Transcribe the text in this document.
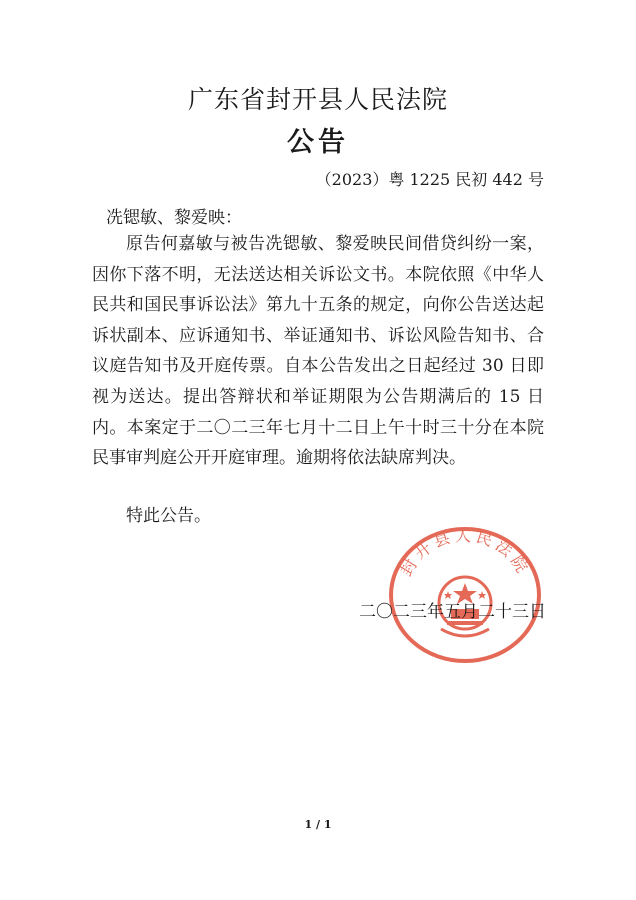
广东省封开县人民法院
公告
（2023）粤 1225 民初 442 号
冼锶敏、黎爱映：

原告何嘉敏与被告冼锶敏、黎爱映民间借贷纠纷一案，因你下落不明，无法送达相关诉讼文书。本院依照《中华人民共和国民事诉讼法》第九十五条的规定，向你公告送达起诉状副本、应诉通知书、举证通知书、诉讼风险告知书、合议庭告知书及开庭传票。自本公告发出之日起经过 30 日即视为送达。提出答辩状和举证期限为公告期满后的 15 日内。本案定于二〇二三年七月十二日上午十时三十分在本院民事审判庭公开开庭审理。逾期将依法缺席判决。

特此公告。
封开县人民法院
二〇二三年五月二十三日
1 / 1
